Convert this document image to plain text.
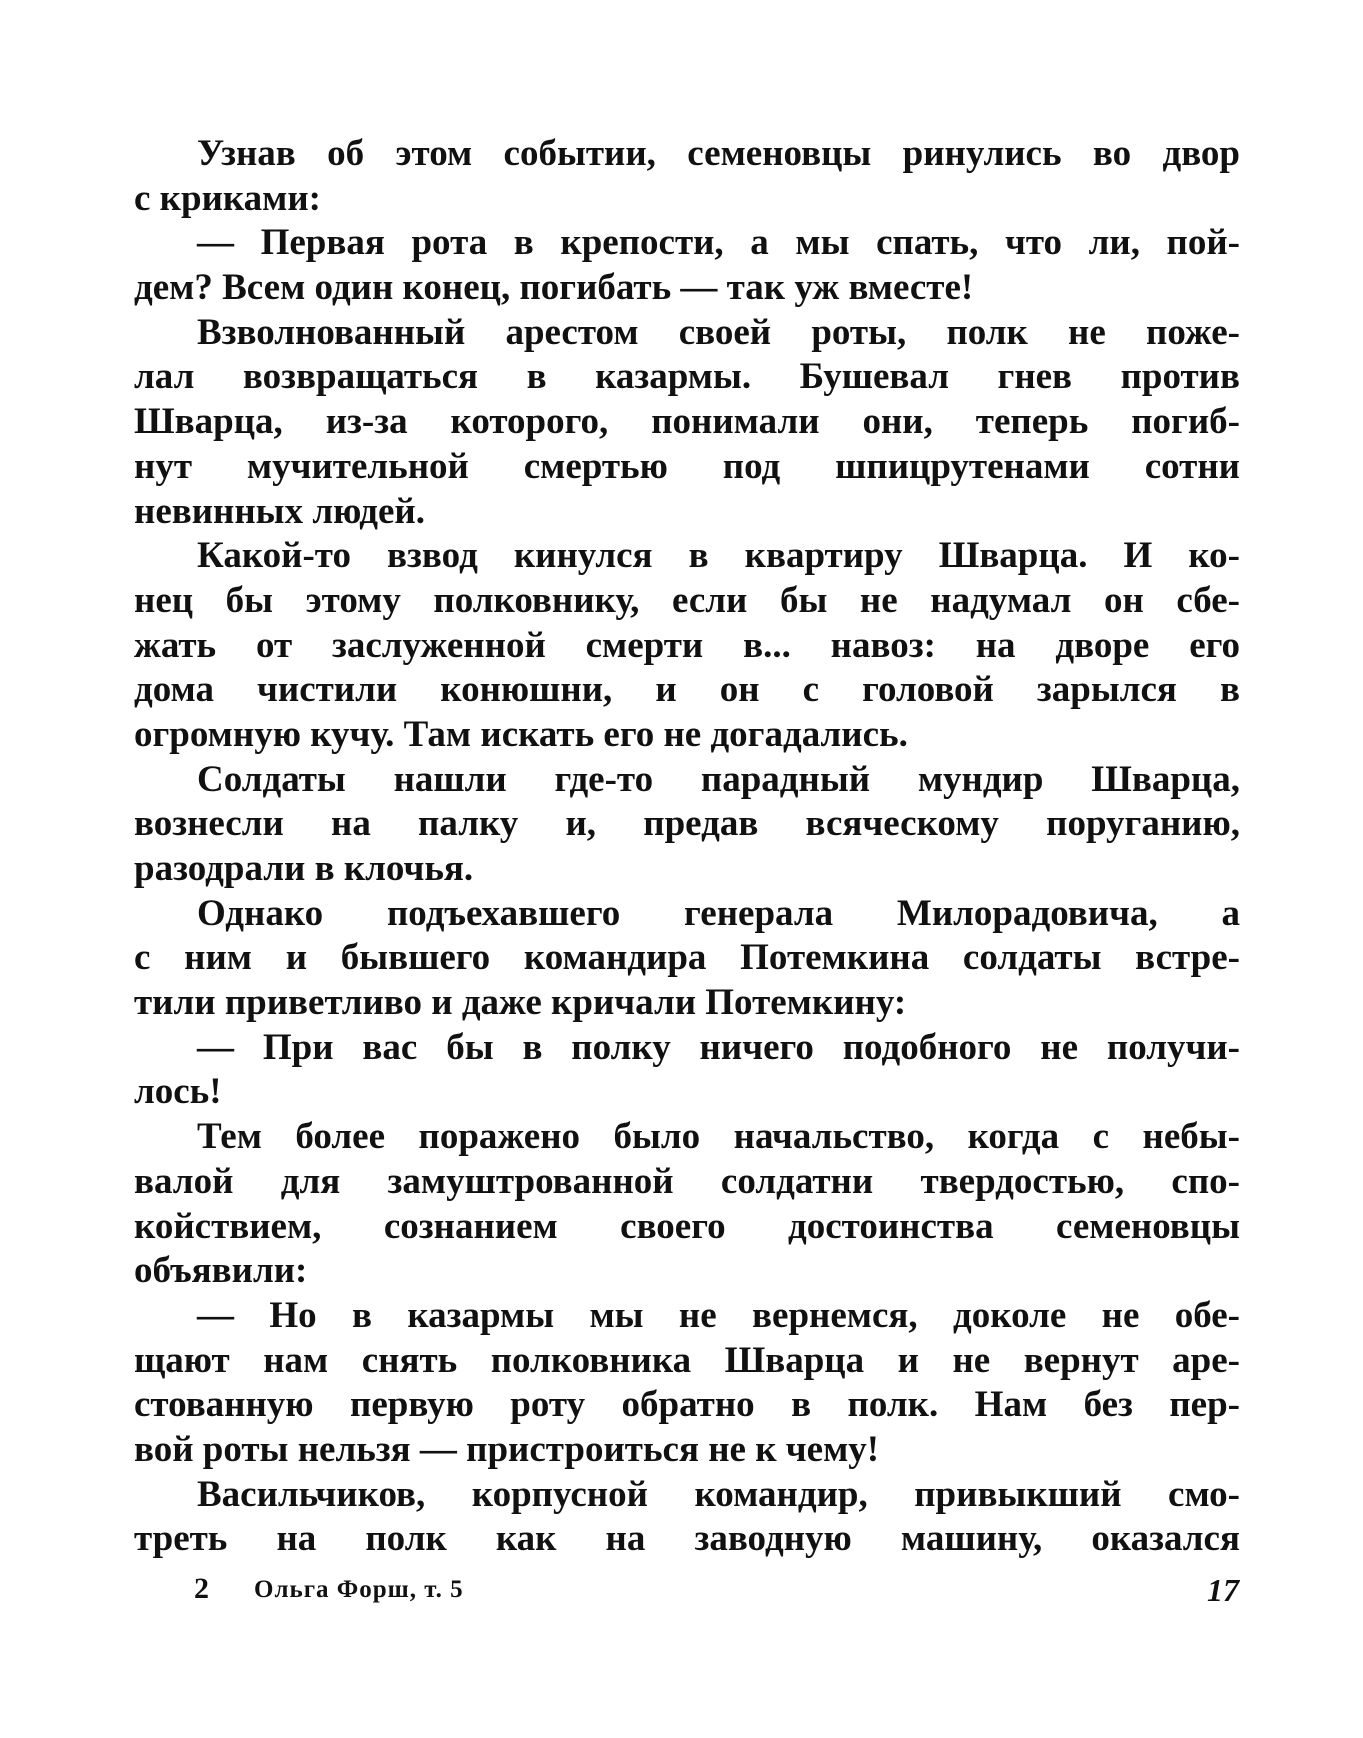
Узнав об этом событии, семеновцы ринулись во двор
с криками:
— Первая рота в крепости, а мы спать, что ли, пой-
дем? Всем один конец, погибать — так уж вместе!
Взволнованный арестом своей роты, полк не поже-
лал возвращаться в казармы. Бушевал гнев против
Шварца, из-за которого, понимали они, теперь погиб-
нут мучительной смертью под шпицрутенами сотни
невинных людей.
Какой-то взвод кинулся в квартиру Шварца. И ко-
нец бы этому полковнику, если бы не надумал он сбе-
жать от заслуженной смерти в... навоз: на дворе его
дома чистили конюшни, и он с головой зарылся в
огромную кучу. Там искать его не догадались.
Солдаты нашли где-то парадный мундир Шварца,
вознесли на палку и, предав всяческому поруганию,
разодрали в клочья.
Однако подъехавшего генерала Милорадовича, а
с ним и бывшего командира Потемкина солдаты встре-
тили приветливо и даже кричали Потемкину:
— При вас бы в полку ничего подобного не получи-
лось!
Тем более поражено было начальство, когда с небы-
валой для замуштрованной солдатни твердостью, спо-
койствием, сознанием своего достоинства семеновцы
объявили:
— Но в казармы мы не вернемся, доколе не обе-
щают нам снять полковника Шварца и не вернут аре-
стованную первую роту обратно в полк. Нам без пер-
вой роты нельзя — пристроиться не к чему!
Васильчиков, корпусной командир, привыкший смо-
треть на полк как на заводную машину, оказался
2 Ольга Форш, т. 5	17
